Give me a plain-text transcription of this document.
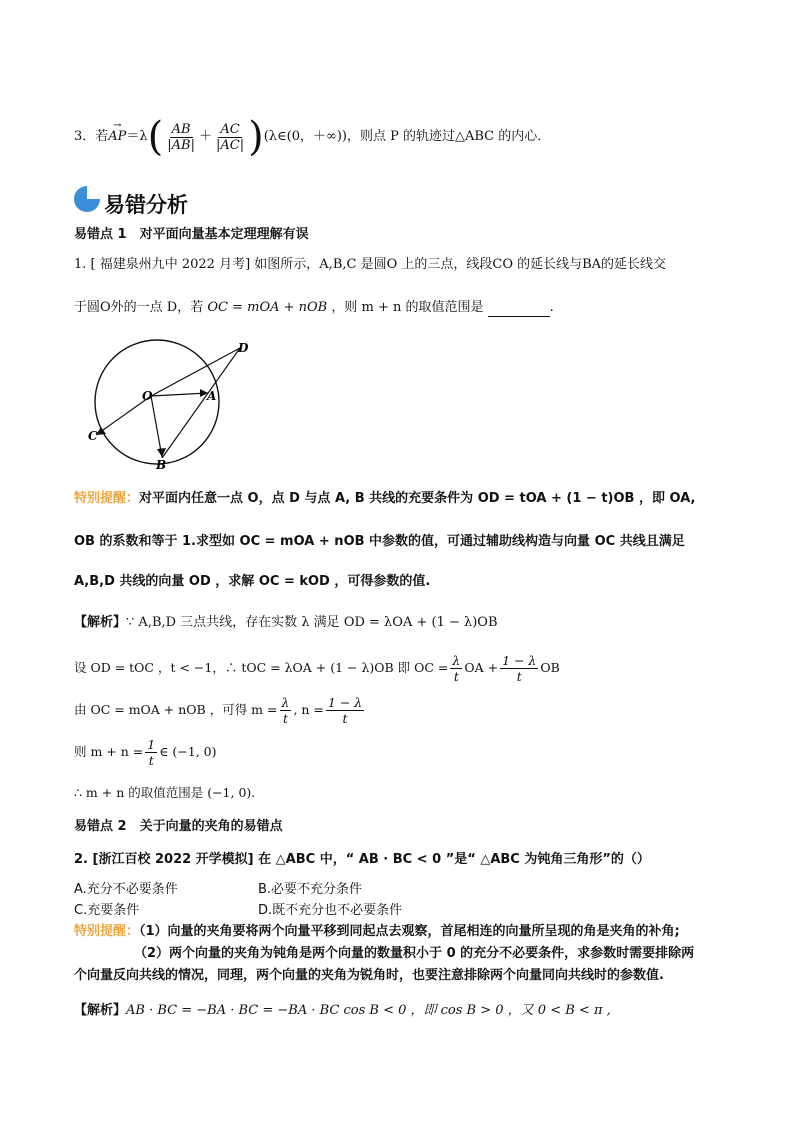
3．若
→ AP ＝λ ( $\frac{AB}{|AB|} + \frac{AC}{|AC|}$ ) (λ∈(0，＋∞))，则点 P 的轨迹过△ABC 的内心．
易错分析
易错点 1　对平面向量基本定理理解有误
1. [ 福建泉州九中 2022 月考] 如图所示，A,B,C 是圆O 上的三点，线段CO 的延长线与BA的延长线交
于圆O外的一点 D，若 OC = mOA + nOB ，则 m + n 的取值范围是	.
D
O	A
C
B
特别提醒：对平面内任意一点 O，点 D 与点 A, B 共线的充要条件为 OD = tOA + (1 − t)OB ，即 OA,
OB 的系数和等于 1.求型如 OC = mOA + nOB 中参数的值，可通过辅助线构造与向量 OC 共线且满足
A,B,D 共线的向量 OD ，求解 OC = kOD ，可得参数的值.
【解析】∵ A,B,D 三点共线，存在实数 λ 满足 OD = λOA + (1 − λ)OB
设 OD = tOC ，t < −1，∴ tOC = λOA + (1 − λ)OB 即 OC = $\frac{\lambda}{t}$ OA + $\frac{1 - \lambda}{t}$ OB
由 OC = mOA + nOB ，可得 $m = \frac{\lambda}{t}$ , $n = \frac{1 - \lambda}{t}$
则 $m + n = \frac{1}{t}$ ∈ (−1, 0)
∴ m + n 的取值范围是 (−1, 0).
易错点 2　关于向量的夹角的易错点
2. [浙江百校 2022 开学模拟] 在 △ABC 中，“ AB · BC < 0 ”是“ △ABC 为钝角三角形”的（）
A.充分不必要条件	B.必要不充分条件
C.充要条件	D.既不充分也不必要条件
特别提醒：（1）向量的夹角要将两个向量平移到同起点去观察，首尾相连的向量所呈现的角是夹角的补角;
（2）两个向量的夹角为钝角是两个向量的数量积小于 0 的充分不必要条件，求参数时需要排除两
个向量反向共线的情况，同理，两个向量的夹角为锐角时，也要注意排除两个向量同向共线时的参数值.
【解析】AB · BC = −BA · BC = −BA · BC cos B < 0 ，即 cos B > 0 ，又 0 < B < π ,
